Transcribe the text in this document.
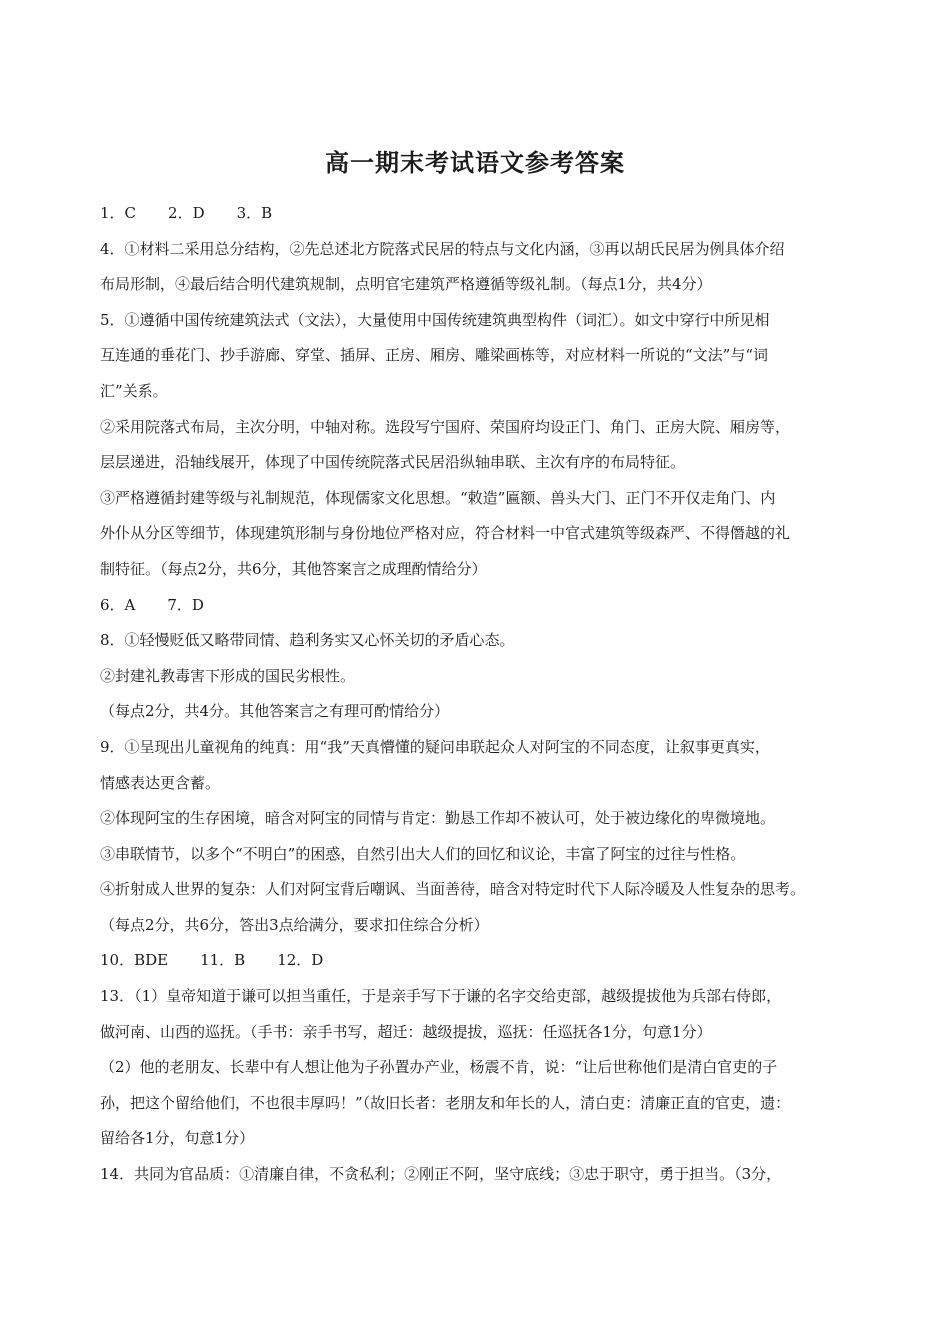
高一期末考试语文参考答案
1．C 2．D 3．B
4．①材料二采用总分结构，②先总述北方院落式民居的特点与文化内涵，③再以胡氏民居为例具体介绍
布局形制，④最后结合明代建筑规制，点明官宅建筑严格遵循等级礼制。（每点1分，共4分）
5．①遵循中国传统建筑法式（文法），大量使用中国传统建筑典型构件（词汇）。如文中穿行中所见相
互连通的垂花门、抄手游廊、穿堂、插屏、正房、厢房、雕梁画栋等，对应材料一所说的“文法”与“词
汇”关系。
②采用院落式布局，主次分明，中轴对称。选段写宁国府、荣国府均设正门、角门、正房大院、厢房等，
层层递进，沿轴线展开，体现了中国传统院落式民居沿纵轴串联、主次有序的布局特征。
③严格遵循封建等级与礼制规范，体现儒家文化思想。“敕造”匾额、兽头大门、正门不开仅走角门、内
外仆从分区等细节，体现建筑形制与身份地位严格对应，符合材料一中官式建筑等级森严、不得僭越的礼
制特征。（每点2分，共6分，其他答案言之成理酌情给分）
6．A 7．D
8．①轻慢贬低又略带同情、趋利务实又心怀关切的矛盾心态。
②封建礼教毒害下形成的国民劣根性。
（每点2分，共4分。其他答案言之有理可酌情给分）
9．①呈现出儿童视角的纯真：用“我”天真懵懂的疑问串联起众人对阿宝的不同态度，让叙事更真实，
情感表达更含蓄。
②体现阿宝的生存困境，暗含对阿宝的同情与肯定：勤恳工作却不被认可，处于被边缘化的卑微境地。
③串联情节，以多个“不明白”的困惑，自然引出大人们的回忆和议论，丰富了阿宝的过往与性格。
④折射成人世界的复杂：人们对阿宝背后嘲讽、当面善待，暗含对特定时代下人际冷暖及人性复杂的思考。
（每点2分，共6分，答出3点给满分，要求扣住综合分析）
10．BDE 11．B 12．D
13．（1）皇帝知道于谦可以担当重任，于是亲手写下于谦的名字交给吏部，越级提拔他为兵部右侍郎，
做河南、山西的巡抚。（手书：亲手书写，超迁：越级提拔，巡抚：任巡抚各1分，句意1分）
（2）他的老朋友、长辈中有人想让他为子孙置办产业，杨震不肯，说：“让后世称他们是清白官吏的子
孙，把这个留给他们，不也很丰厚吗！”（故旧长者：老朋友和年长的人，清白吏：清廉正直的官吏，遗：
留给各1分，句意1分）
14．共同为官品质：①清廉自律，不贪私利；②刚正不阿，坚守底线；③忠于职守，勇于担当。（3分，
